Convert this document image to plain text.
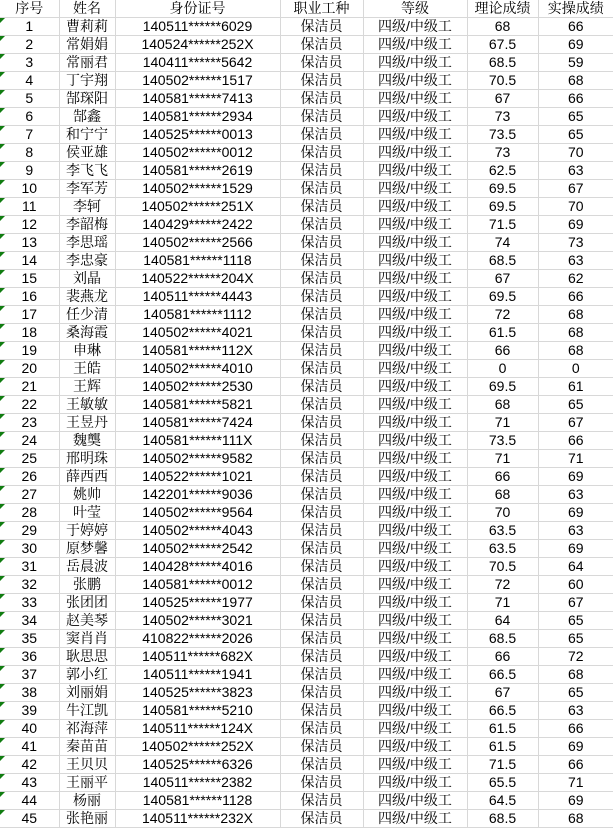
序号	姓名	身份证号	职业工种	等级	理论成绩	实操成绩

1	曹莉莉	140511******6029	保洁员	四级/中级工	68	66

2	常娟娟	140524******252X	保洁员	四级/中级工	67.5	69

3	常丽君	140411******5642	保洁员	四级/中级工	68.5	59

4	丁宇翔	140502******1517	保洁员	四级/中级工	70.5	68

5	郜琛阳	140581******7413	保洁员	四级/中级工	67	66

6	郜鑫	140581******2934	保洁员	四级/中级工	73	65

7	和宁宁	140525******0013	保洁员	四级/中级工	73.5	65

8	侯亚雄	140502******0012	保洁员	四级/中级工	73	70

9	李飞飞	140581******2619	保洁员	四级/中级工	62.5	63

10	李军芳	140502******1529	保洁员	四级/中级工	69.5	67

11	李轲	140502******251X	保洁员	四级/中级工	69.5	70

12	李韶梅	140429******2422	保洁员	四级/中级工	71.5	69

13	李思瑶	140502******2566	保洁员	四级/中级工	74	73

14	李忠豪	140581******1118	保洁员	四级/中级工	68.5	63

15	刘晶	140522******204X	保洁员	四级/中级工	67	62

16	裴燕龙	140511******4443	保洁员	四级/中级工	69.5	66

17	任少清	140581******1112	保洁员	四级/中级工	72	68

18	桑海霞	140502******4021	保洁员	四级/中级工	61.5	68

19	申琳	140581******112X	保洁员	四级/中级工	66	68

20	王皓	140502******4010	保洁员	四级/中级工	0	0

21	王辉	140502******2530	保洁员	四级/中级工	69.5	61

22	王敏敏	140581******5821	保洁员	四级/中级工	68	65

23	王昱丹	140581******7424	保洁员	四级/中级工	71	67

24	魏龑	140581******111X	保洁员	四级/中级工	73.5	66

25	邢明珠	140502******9582	保洁员	四级/中级工	71	71

26	薛西西	140522******1021	保洁员	四级/中级工	66	69

27	姚帅	142201******9036	保洁员	四级/中级工	68	63

28	叶莹	140502******9564	保洁员	四级/中级工	70	69

29	于婷婷	140502******4043	保洁员	四级/中级工	63.5	63

30	原梦馨	140502******2542	保洁员	四级/中级工	63.5	69

31	岳晨波	140428******4016	保洁员	四级/中级工	70.5	64

32	张鹏	140581******0012	保洁员	四级/中级工	72	60

33	张团团	140525******1977	保洁员	四级/中级工	71	67

34	赵美琴	140502******3021	保洁员	四级/中级工	64	65

35	窦肖肖	410822******2026	保洁员	四级/中级工	68.5	65

36	耿思思	140511******682X	保洁员	四级/中级工	66	72

37	郭小红	140511******1941	保洁员	四级/中级工	66.5	68

38	刘丽娟	140525******3823	保洁员	四级/中级工	67	65

39	牛江凯	140581******5210	保洁员	四级/中级工	66.5	63

40	祁海萍	140511******124X	保洁员	四级/中级工	61.5	66

41	秦苗苗	140502******252X	保洁员	四级/中级工	61.5	69

42	王贝贝	140525******6326	保洁员	四级/中级工	71.5	66

43	王丽平	140511******2382	保洁员	四级/中级工	65.5	71

44	杨丽	140581******1128	保洁员	四级/中级工	64.5	69

45	张艳丽	140511******232X	保洁员	四级/中级工	68.5	68
